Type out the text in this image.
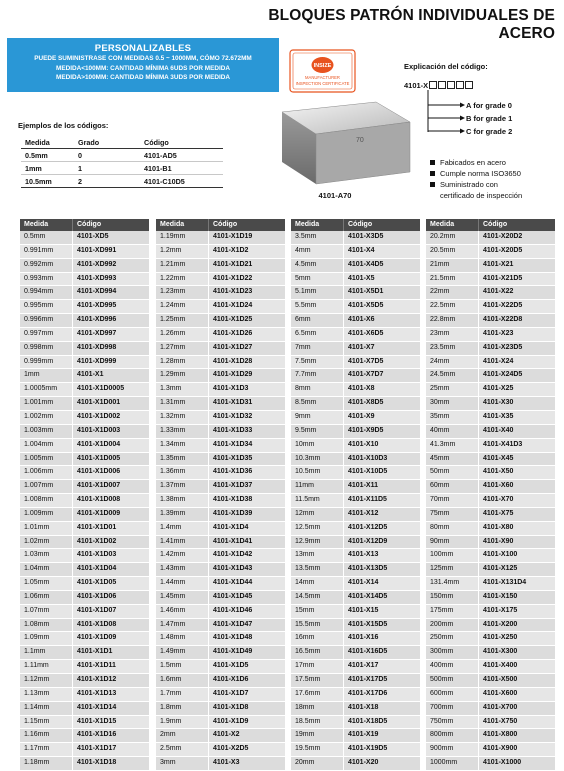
BLOQUES PATRÓN INDIVIDUALES DE ACERO
PERSONALIZABLES
PUEDE SUMINISTRASE CON MEDIDAS 0.5 ~ 1000MM, CÓMO 72.672MM
MEDIDA<100MM: CANTIDAD MÍNIMA 6UDS POR MEDIDA
MEDIDA>100MM: CANTIDAD MÍNIMA 3UDS POR MEDIDA
INSIZE
MANUFACTURER
INSPECTION CERTIFICATE
Explicación del código:
4101-X
A for grade 0
B for grade 1
C for grade 2
70
4101-A70
Fabicados en acero
Cumple norma ISO3650
Suministrado con
certificado de inspección
Ejemplos de los códigos:
Medida	Grado	Código
0.5mm	0	4101-AD5
1mm	1	4101-B1
10.5mm	2	4101-C10D5
Medida	Código
0.5mm	4101-XD5
0.991mm	4101-XD991
0.992mm	4101-XD992
0.993mm	4101-XD993
0.994mm	4101-XD994
0.995mm	4101-XD995
0.996mm	4101-XD996
0.997mm	4101-XD997
0.998mm	4101-XD998
0.999mm	4101-XD999
1mm	4101-X1
1.0005mm	4101-X1D0005
1.001mm	4101-X1D001
1.002mm	4101-X1D002
1.003mm	4101-X1D003
1.004mm	4101-X1D004
1.005mm	4101-X1D005
1.006mm	4101-X1D006
1.007mm	4101-X1D007
1.008mm	4101-X1D008
1.009mm	4101-X1D009
1.01mm	4101-X1D01
1.02mm	4101-X1D02
1.03mm	4101-X1D03
1.04mm	4101-X1D04
1.05mm	4101-X1D05
1.06mm	4101-X1D06
1.07mm	4101-X1D07
1.08mm	4101-X1D08
1.09mm	4101-X1D09
1.1mm	4101-X1D1
1.11mm	4101-X1D11
1.12mm	4101-X1D12
1.13mm	4101-X1D13
1.14mm	4101-X1D14
1.15mm	4101-X1D15
1.16mm	4101-X1D16
1.17mm	4101-X1D17
1.18mm	4101-X1D18
Medida	Código
1.19mm	4101-X1D19
1.2mm	4101-X1D2
1.21mm	4101-X1D21
1.22mm	4101-X1D22
1.23mm	4101-X1D23
1.24mm	4101-X1D24
1.25mm	4101-X1D25
1.26mm	4101-X1D26
1.27mm	4101-X1D27
1.28mm	4101-X1D28
1.29mm	4101-X1D29
1.3mm	4101-X1D3
1.31mm	4101-X1D31
1.32mm	4101-X1D32
1.33mm	4101-X1D33
1.34mm	4101-X1D34
1.35mm	4101-X1D35
1.36mm	4101-X1D36
1.37mm	4101-X1D37
1.38mm	4101-X1D38
1.39mm	4101-X1D39
1.4mm	4101-X1D4
1.41mm	4101-X1D41
1.42mm	4101-X1D42
1.43mm	4101-X1D43
1.44mm	4101-X1D44
1.45mm	4101-X1D45
1.46mm	4101-X1D46
1.47mm	4101-X1D47
1.48mm	4101-X1D48
1.49mm	4101-X1D49
1.5mm	4101-X1D5
1.6mm	4101-X1D6
1.7mm	4101-X1D7
1.8mm	4101-X1D8
1.9mm	4101-X1D9
2mm	4101-X2
2.5mm	4101-X2D5
3mm	4101-X3
Medida	Código
3.5mm	4101-X3D5
4mm	4101-X4
4.5mm	4101-X4D5
5mm	4101-X5
5.1mm	4101-X5D1
5.5mm	4101-X5D5
6mm	4101-X6
6.5mm	4101-X6D5
7mm	4101-X7
7.5mm	4101-X7D5
7.7mm	4101-X7D7
8mm	4101-X8
8.5mm	4101-X8D5
9mm	4101-X9
9.5mm	4101-X9D5
10mm	4101-X10
10.3mm	4101-X10D3
10.5mm	4101-X10D5
11mm	4101-X11
11.5mm	4101-X11D5
12mm	4101-X12
12.5mm	4101-X12D5
12.9mm	4101-X12D9
13mm	4101-X13
13.5mm	4101-X13D5
14mm	4101-X14
14.5mm	4101-X14D5
15mm	4101-X15
15.5mm	4101-X15D5
16mm	4101-X16
16.5mm	4101-X16D5
17mm	4101-X17
17.5mm	4101-X17D5
17.6mm	4101-X17D6
18mm	4101-X18
18.5mm	4101-X18D5
19mm	4101-X19
19.5mm	4101-X19D5
20mm	4101-X20
Medida	Código
20.2mm	4101-X20D2
20.5mm	4101-X20D5
21mm	4101-X21
21.5mm	4101-X21D5
22mm	4101-X22
22.5mm	4101-X22D5
22.8mm	4101-X22D8
23mm	4101-X23
23.5mm	4101-X23D5
24mm	4101-X24
24.5mm	4101-X24D5
25mm	4101-X25
30mm	4101-X30
35mm	4101-X35
40mm	4101-X40
41.3mm	4101-X41D3
45mm	4101-X45
50mm	4101-X50
60mm	4101-X60
70mm	4101-X70
75mm	4101-X75
80mm	4101-X80
90mm	4101-X90
100mm	4101-X100
125mm	4101-X125
131.4mm	4101-X131D4
150mm	4101-X150
175mm	4101-X175
200mm	4101-X200
250mm	4101-X250
300mm	4101-X300
400mm	4101-X400
500mm	4101-X500
600mm	4101-X600
700mm	4101-X700
750mm	4101-X750
800mm	4101-X800
900mm	4101-X900
1000mm	4101-X1000
